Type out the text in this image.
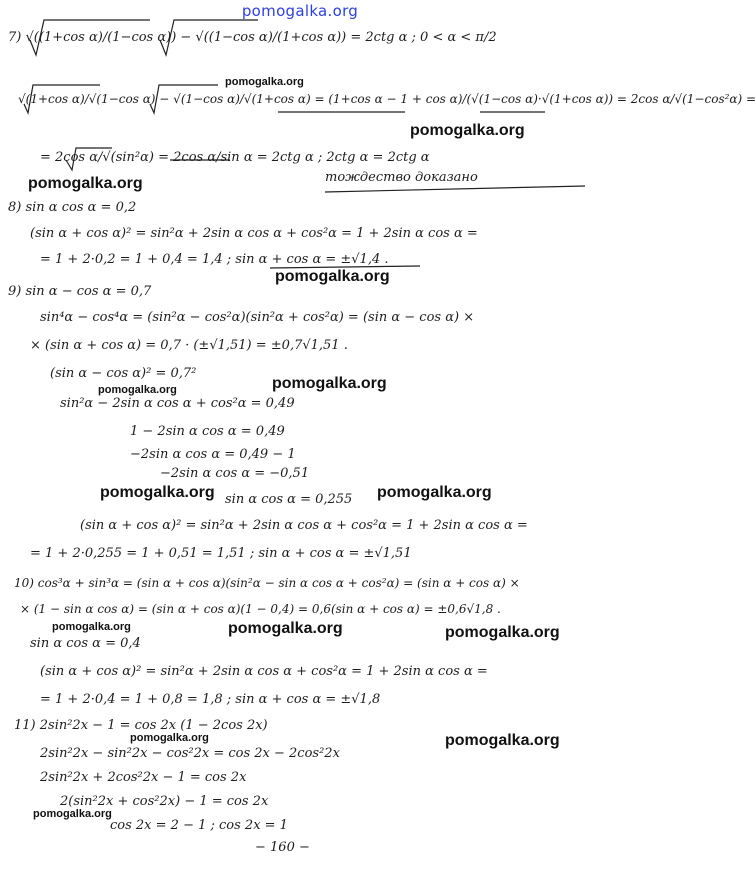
pomogalka.org
7) √((1+cos α)/(1−cos α)) − √((1−cos α)/(1+cos α)) = 2ctg α ; 0 < α < π/2
√(1+cos α)/√(1−cos α) − √(1−cos α)/√(1+cos α) = (1+cos α − 1 + cos α)/(√(1−cos α)·√(1+cos α)) = 2cos α/√(1−cos²α) =
= 2cos α/√(sin²α) = 2cos α/sin α = 2ctg α ; 2ctg α = 2ctg α
тождество доказано
8) sin α cos α = 0,2
(sin α + cos α)² = sin²α + 2sin α cos α + cos²α = 1 + 2sin α cos α =
= 1 + 2·0,2 = 1 + 0,4 = 1,4 ; sin α + cos α = ±√1,4 .
9) sin α − cos α = 0,7
sin⁴α − cos⁴α = (sin²α − cos²α)(sin²α + cos²α) = (sin α − cos α) ×
× (sin α + cos α) = 0,7 · (±√1,51) = ±0,7√1,51 .
(sin α − cos α)² = 0,7²
sin²α − 2sin α cos α + cos²α = 0,49
1 − 2sin α cos α = 0,49
−2sin α cos α = 0,49 − 1
−2sin α cos α = −0,51
sin α cos α = 0,255
(sin α + cos α)² = sin²α + 2sin α cos α + cos²α = 1 + 2sin α cos α =
= 1 + 2·0,255 = 1 + 0,51 = 1,51 ; sin α + cos α = ±√1,51
10) cos³α + sin³α = (sin α + cos α)(sin²α − sin α cos α + cos²α) = (sin α + cos α) ×
× (1 − sin α cos α) = (sin α + cos α)(1 − 0,4) = 0,6(sin α + cos α) = ±0,6√1,8 .
sin α cos α = 0,4
(sin α + cos α)² = sin²α + 2sin α cos α + cos²α = 1 + 2sin α cos α =
= 1 + 2·0,4 = 1 + 0,8 = 1,8 ; sin α + cos α = ±√1,8
11) 2sin²2x − 1 = cos 2x (1 − 2cos 2x)
2sin²2x − sin²2x − cos²2x = cos 2x − 2cos²2x
2sin²2x + 2cos²2x − 1 = cos 2x
2(sin²2x + cos²2x) − 1 = cos 2x
cos 2x = 2 − 1 ; cos 2x = 1
− 160 −
pomogalka.org
pomogalka.org
pomogalka.org
pomogalka.org
pomogalka.org	pomogalka.org
pomogalka.org	pomogalka.org
pomogalka.org	pomogalka.org	pomogalka.org
pomogalka.org
pomogalka.org
pomogalka.org
